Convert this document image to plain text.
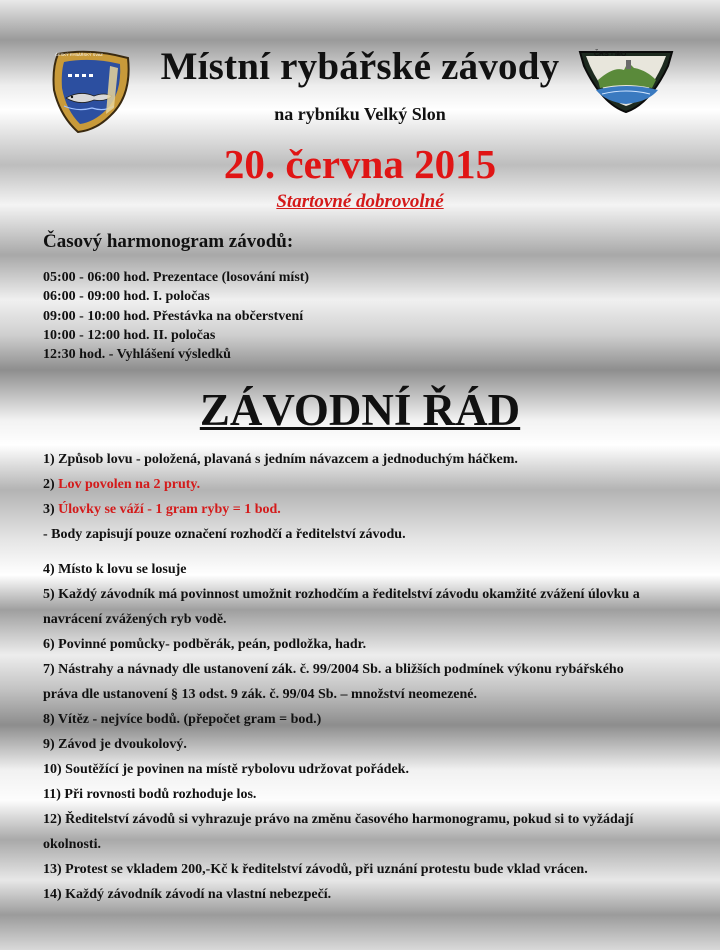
ČESKÝ RYBÁŘSKÝ SVAZ	ČRS - MO
Místní rybářské závody
na rybníku Velký Slon
20. června 2015
Startovné dobrovolné
Časový harmonogram závodů:
05:00 - 06:00 hod. Prezentace (losování míst)
06:00 - 09:00 hod. I. poločas
09:00 - 10:00 hod. Přestávka na občerstvení
10:00 - 12:00 hod. II. poločas
12:30 hod. - Vyhlášení výsledků
ZÁVODNÍ ŘÁD
1) Způsob lovu - položená, plavaná s jedním návazcem a jednoduchým háčkem.
2) Lov povolen na 2 pruty.
3) Úlovky se váží - 1 gram ryby = 1 bod.
- Body zapisují pouze označení rozhodčí a ředitelství závodu.
4) Místo k lovu se losuje
5) Každý závodník má povinnost umožnit rozhodčím a ředitelství závodu okamžité zvážení úlovku a
navrácení zvážených ryb vodě.
6) Povinné pomůcky- podběrák, peán, podložka, hadr.
7) Nástrahy a návnady dle ustanovení zák. č. 99/2004 Sb. a bližších podmínek výkonu rybářského
práva dle ustanovení § 13 odst. 9 zák. č. 99/04 Sb. – množství neomezené.
8) Vítěz - nejvíce bodů. (přepočet gram = bod.)
9) Závod je dvoukolový.
10) Soutěžící je povinen na místě rybolovu udržovat pořádek.
11) Při rovnosti bodů rozhoduje los.
12) Ředitelství závodů si vyhrazuje právo na změnu časového harmonogramu, pokud si to vyžádají
okolnosti.
13) Protest se vkladem 200,-Kč k ředitelství závodů, při uznání protestu bude vklad vrácen.
14) Každý závodník závodí na vlastní nebezpečí.
